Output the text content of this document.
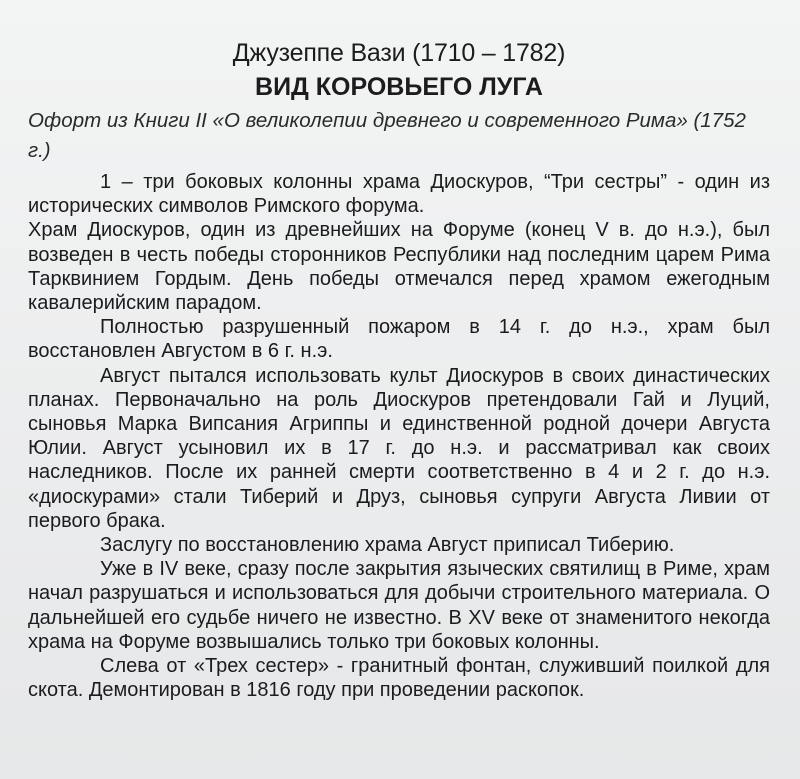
Джузеппе Вази (1710 – 1782)
ВИД КОРОВЬЕГО ЛУГА
Офорт из Книги II «О великолепии древнего и современного Рима» (1752 г.)

1 – три боковых колонны храма Диоскуров, “Три сестры” - один из исторических символов Римского форума.

Храм Диоскуров, один из древнейших на Форуме (конец V в. до н.э.), был возведен в честь победы сторонников Республики над последним царем Рима Тарквинием Гордым. День победы отмечался перед храмом ежегодным кавалерийским парадом.

Полностью разрушенный пожаром в 14 г. до н.э., храм был восстановлен Августом в 6 г. н.э.

Август пытался использовать культ Диоскуров в своих династических планах. Первоначально на роль Диоскуров претендовали Гай и Луций, сыновья Марка Випсания Агриппы и единственной родной дочери Августа Юлии. Август усыновил их в 17 г. до н.э. и рассматривал как своих наследников. После их ранней смерти соответственно в 4 и 2 г. до н.э. «диоскурами» стали Тиберий и Друз, сыновья супруги Августа Ливии от первого брака.

Заслугу по восстановлению храма Август приписал Тиберию.

Уже в IV веке, сразу после закрытия языческих святилищ в Риме, храм начал разрушаться и использоваться для добычи строительного материала. О дальнейшей его судьбе ничего не известно. В XV веке от знаменитого некогда храма на Форуме возвышались только три боковых колонны.

Слева от «Трех сестер» - гранитный фонтан, служивший поилкой для скота. Демонтирован в 1816 году при проведении раскопок.
